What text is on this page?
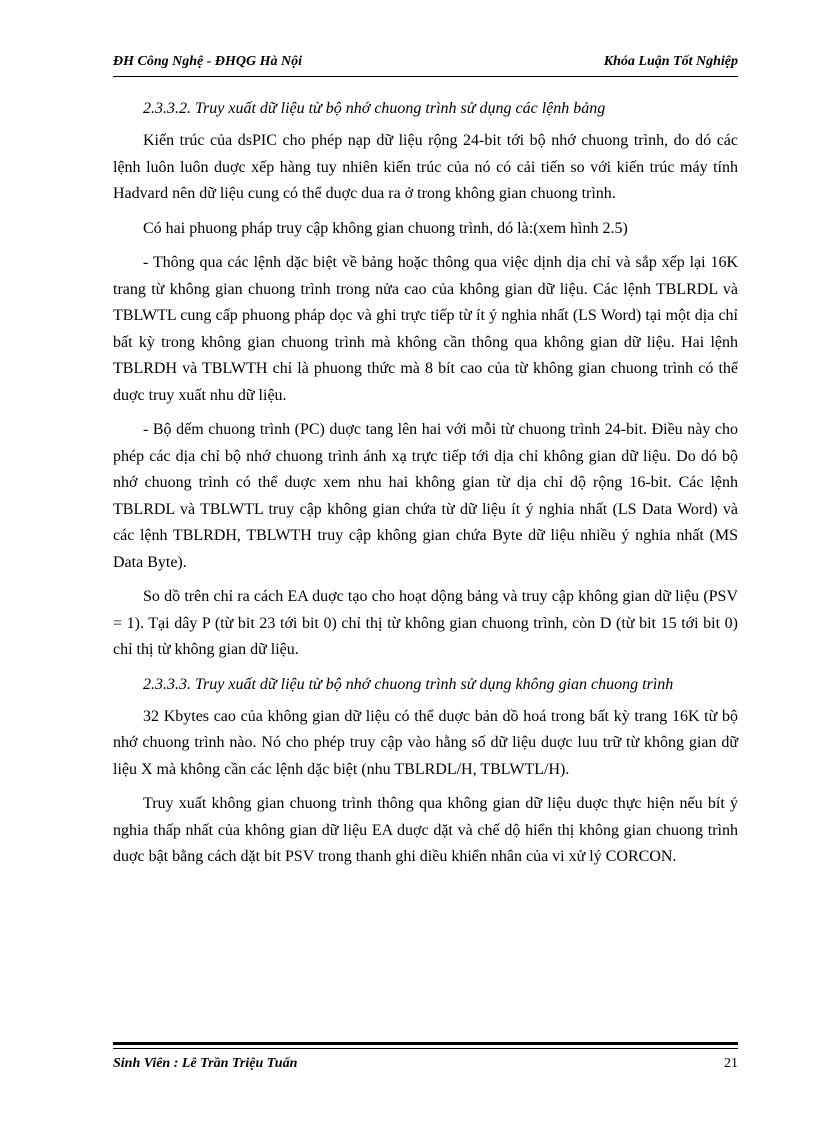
ĐH Công Nghệ - ĐHQG Hà Nội	Khóa Luận Tốt Nghiệp
2.3.3.2. Truy xuất dữ liệu từ bộ nhớ chuong trình sử dụng các lệnh bảng

Kiến trúc của dsPIC cho phép nạp dữ liệu rộng 24-bit tới bộ nhớ chuong trình, do dó các lệnh luôn luôn duợc xếp hàng tuy nhiên kiến trúc của nó có cải tiến so với kiến trúc máy tính Hadvard nên dữ liệu cung có thể duợc dua ra ở trong không gian chuong trình.

Có hai phuong pháp truy cập không gian chuong trình, dó là:(xem hình 2.5)

- Thông qua các lệnh dặc biệt về bảng hoặc thông qua việc dịnh dịa chỉ và sắp xếp lại 16K trang từ không gian chuong trình trong nửa cao của không gian dữ liệu. Các lệnh TBLRDL và TBLWTL cung cấp phuong pháp dọc và ghi trực tiếp từ ít ý nghia nhất (LS Word) tại một dịa chỉ bất kỳ trong không gian chuong trình mà không cần thông qua không gian dữ liệu. Hai lệnh TBLRDH và TBLWTH chỉ là phuong thức mà 8 bít cao của từ không gian chuong trình có thể duợc truy xuất nhu dữ liệu.

- Bộ dếm chuong trình (PC) duợc tang lên hai với mỗi từ chuong trình 24-bit. Điều này cho phép các dịa chỉ bộ nhớ chuong trình ánh xạ trực tiếp tới dịa chỉ không gian dữ liệu. Do dó bộ nhớ chuong trình có thể duợc xem nhu hai không gian từ dịa chỉ dộ rộng 16-bit. Các lệnh TBLRDL và TBLWTL truy cập không gian chứa từ dữ liệu ít ý nghia nhất (LS Data Word) và các lệnh TBLRDH, TBLWTH truy cập không gian chứa Byte dữ liệu nhiều ý nghia nhất (MS Data Byte).

So dồ trên chỉ ra cách EA duợc tạo cho hoạt dộng bảng và truy cập không gian dữ liệu (PSV = 1). Tại dây P (từ bit 23 tới bit 0) chỉ thị từ không gian chuong trình, còn D (từ bit 15 tới bit 0) chỉ thị từ không gian dữ liệu.

2.3.3.3. Truy xuất dữ liệu từ bộ nhớ chuong trình sử dụng không gian chuong trình

32 Kbytes cao của không gian dữ liệu có thể duợc bản dồ hoá trong bất kỳ trang 16K từ bộ nhớ chuong trình nào. Nó cho phép truy cập vào hằng số dữ liệu duợc luu trữ từ không gian dữ liệu X mà không cần các lệnh dặc biệt (nhu TBLRDL/H, TBLWTL/H).

Truy xuất không gian chuong trình thông qua không gian dữ liệu duợc thực hiện nếu bít ý nghia thấp nhất của không gian dữ liệu EA duợc dặt và chế dộ hiển thị không gian chuong trình duợc bật bằng cách dặt bit PSV trong thanh ghi diều khiển nhân của vi xử lý CORCON.

Sinh Viên : Lê Trần Triệu Tuấn	21
